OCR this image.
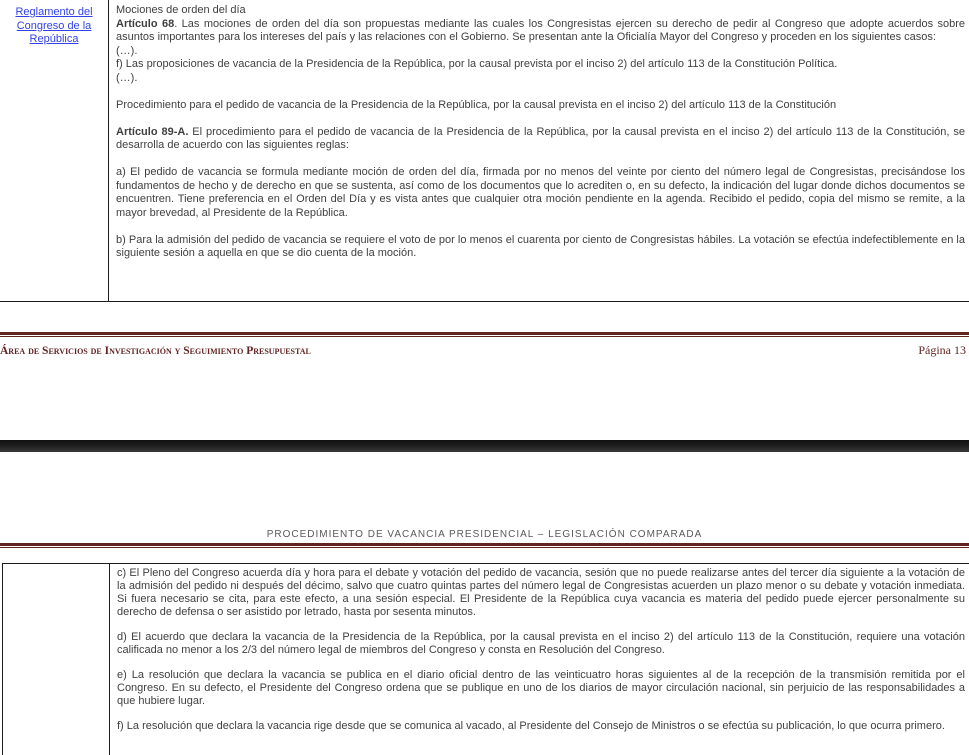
Reglamento del Congreso de la República

Mociones de orden del día

Artículo 68. Las mociones de orden del día son propuestas mediante las cuales los Congresistas ejercen su derecho de pedir al Congreso que adopte acuerdos sobre asuntos importantes para los intereses del país y las relaciones con el Gobierno. Se presentan ante la Oficialía Mayor del Congreso y proceden en los siguientes casos:

(…).

f) Las proposiciones de vacancia de la Presidencia de la República, por la causal prevista por el inciso 2) del artículo 113 de la Constitución Política.

(…).

Procedimiento para el pedido de vacancia de la Presidencia de la República, por la causal prevista en el inciso 2) del artículo 113 de la Constitución

Artículo 89-A. El procedimiento para el pedido de vacancia de la Presidencia de la República, por la causal prevista en el inciso 2) del artículo 113 de la Constitución, se desarrolla de acuerdo con las siguientes reglas:

a) El pedido de vacancia se formula mediante moción de orden del día, firmada por no menos del veinte por ciento del número legal de Congresistas, precisándose los fundamentos de hecho y de derecho en que se sustenta, así como de los documentos que lo acrediten o, en su defecto, la indicación del lugar donde dichos documentos se encuentren. Tiene preferencia en el Orden del Día y es vista antes que cualquier otra moción pendiente en la agenda. Recibido el pedido, copia del mismo se remite, a la mayor brevedad, al Presidente de la República.

b) Para la admisión del pedido de vacancia se requiere el voto de por lo menos el cuarenta por ciento de Congresistas hábiles. La votación se efectúa indefectiblemente en la siguiente sesión a aquella en que se dio cuenta de la moción.

Área de Servicios de Investigación y Seguimiento Presupuestal	Página 13
PROCEDIMIENTO DE VACANCIA PRESIDENCIAL – LEGISLACIÓN COMPARADA

c) El Pleno del Congreso acuerda día y hora para el debate y votación del pedido de vacancia, sesión que no puede realizarse antes del tercer día siguiente a la votación de la admisión del pedido ni después del décimo, salvo que cuatro quintas partes del número legal de Congresistas acuerden un plazo menor o su debate y votación inmediata. Si fuera necesario se cita, para este efecto, a una sesión especial. El Presidente de la República cuya vacancia es materia del pedido puede ejercer personalmente su derecho de defensa o ser asistido por letrado, hasta por sesenta minutos.

d) El acuerdo que declara la vacancia de la Presidencia de la República, por la causal prevista en el inciso 2) del artículo 113 de la Constitución, requiere una votación calificada no menor a los 2/3 del número legal de miembros del Congreso y consta en Resolución del Congreso.

e) La resolución que declara la vacancia se publica en el diario oficial dentro de las veinticuatro horas siguientes al de la recepción de la transmisión remitida por el Congreso. En su defecto, el Presidente del Congreso ordena que se publique en uno de los diarios de mayor circulación nacional, sin perjuicio de las responsabilidades a que hubiere lugar.

f) La resolución que declara la vacancia rige desde que se comunica al vacado, al Presidente del Consejo de Ministros o se efectúa su publicación, lo que ocurra primero.
